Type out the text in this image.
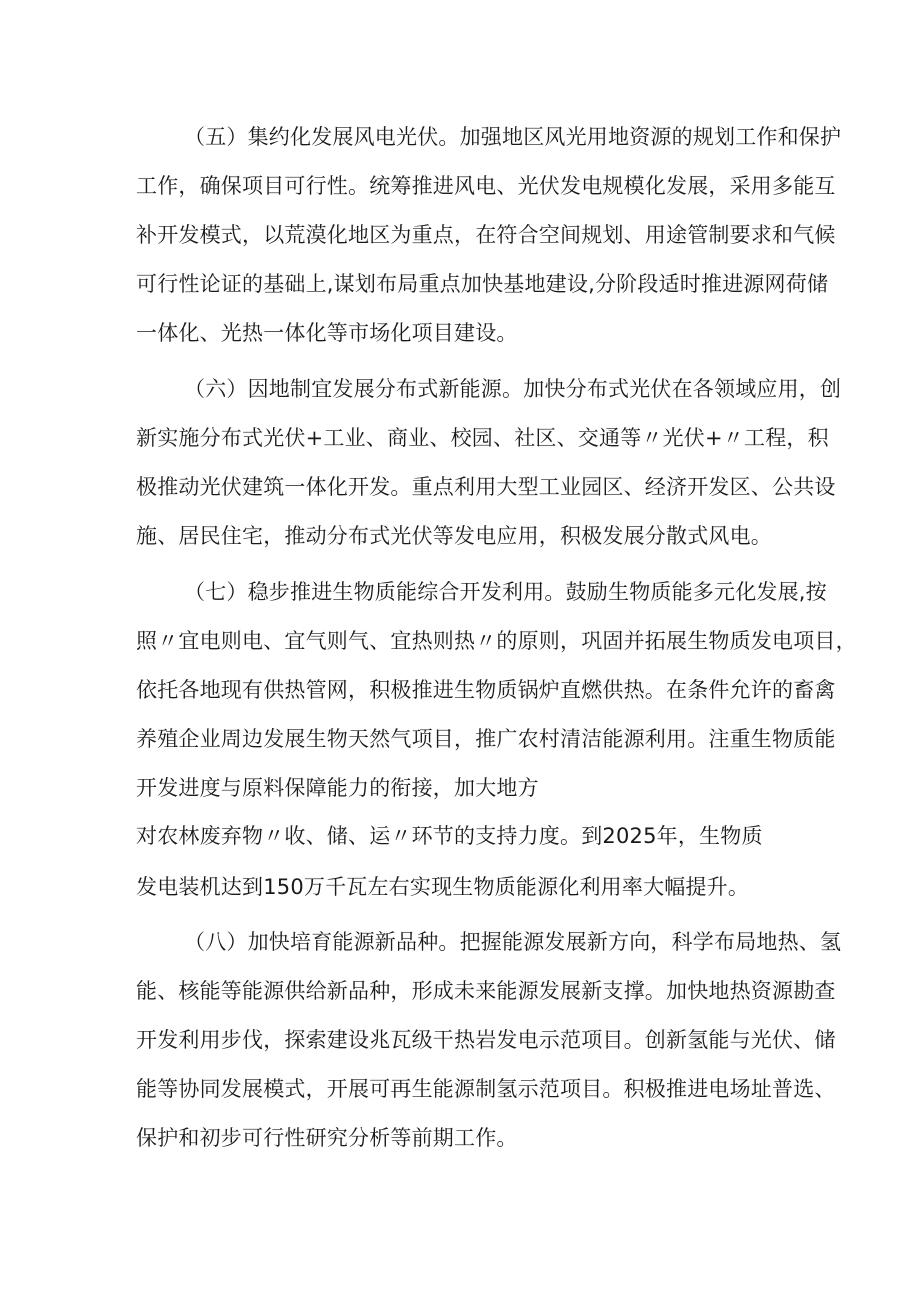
（五）集约化发展风电光伏。加强地区风光用地资源的规划工作和保护
工作，确保项目可行性。统筹推进风电、光伏发电规模化发展，采用多能互
补开发模式，以荒漠化地区为重点，在符合空间规划、用途管制要求和气候
可行性论证的基础上,谋划布局重点加快基地建设,分阶段适时推进源网荷储
一体化、光热一体化等市场化项目建设。
（六）因地制宜发展分布式新能源。加快分布式光伏在各领域应用，创
新实施分布式光伏+工业、商业、校园、社区、交通等〃光伏+〃工程，积
极推动光伏建筑一体化开发。重点利用大型工业园区、经济开发区、公共设
施、居民住宅，推动分布式光伏等发电应用，积极发展分散式风电。
（七）稳步推进生物质能综合开发利用。鼓励生物质能多元化发展,按
照〃宜电则电、宜气则气、宜热则热〃的原则，巩固并拓展生物质发电项目，
依托各地现有供热管网，积极推进生物质锅炉直燃供热。在条件允许的畜禽
养殖企业周边发展生物天然气项目，推广农村清洁能源利用。注重生物质能
开发进度与原料保障能力的衔接，加大地方
对农林废弃物〃收、储、运〃环节的支持力度。到2025年，生物质
发电装机达到150万千瓦左右实现生物质能源化利用率大幅提升。
（八）加快培育能源新品种。把握能源发展新方向，科学布局地热、氢
能、核能等能源供给新品种，形成未来能源发展新支撑。加快地热资源勘查
开发利用步伐，探索建设兆瓦级干热岩发电示范项目。创新氢能与光伏、储
能等协同发展模式，开展可再生能源制氢示范项目。积极推进电场址普选、
保护和初步可行性研究分析等前期工作。
